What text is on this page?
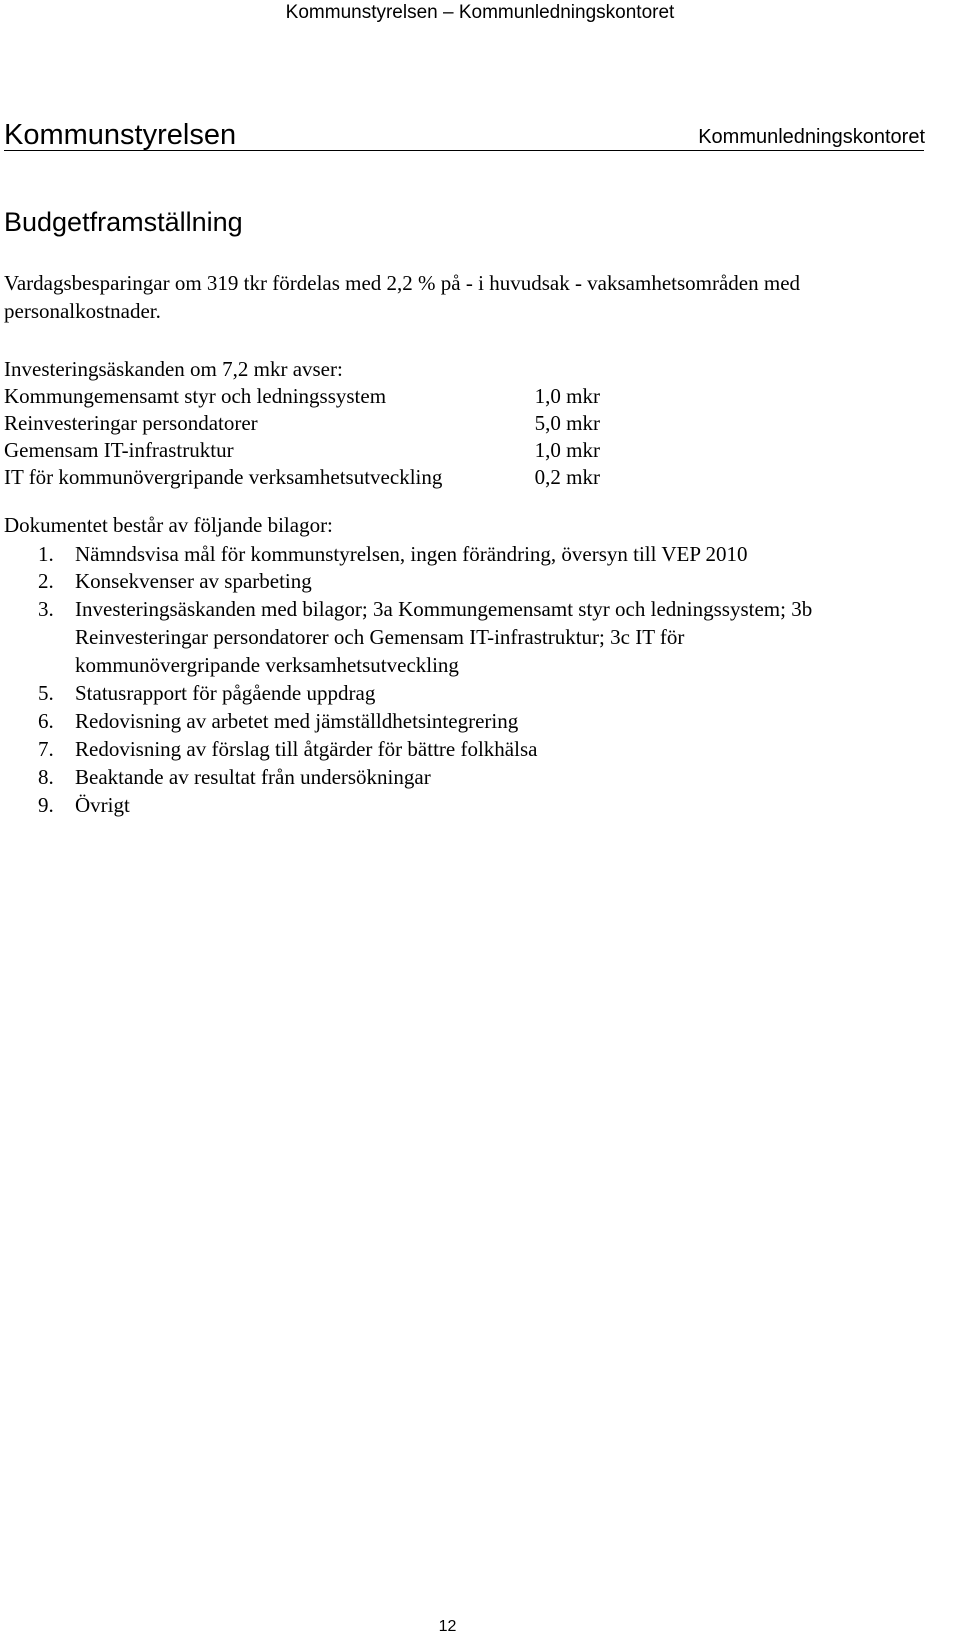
Kommunstyrelsen – Kommunledningskontoret
Kommunstyrelsen	Kommunledningskontoret
Budgetframställning
Vardagsbesparingar om 319 tkr fördelas med 2,2 % på - i huvudsak - vaksamhetsområden med
personalkostnader.
Investeringsäskanden om 7,2 mkr avser:
Kommungemensamt styr och ledningssystem	1,0 mkr
Reinvesteringar persondatorer	5,0 mkr
Gemensam IT-infrastruktur	1,0 mkr
IT för kommunövergripande verksamhetsutveckling	0,2 mkr
Dokumentet består av följande bilagor:
1.	Nämndsvisa mål för kommunstyrelsen, ingen förändring, översyn till VEP 2010
2.	Konsekvenser av sparbeting
3.	Investeringsäskanden med bilagor; 3a Kommungemensamt styr och ledningssystem; 3b
Reinvesteringar persondatorer och Gemensam IT-infrastruktur; 3c IT för
kommunövergripande verksamhetsutveckling
5.	Statusrapport för pågående uppdrag
6.	Redovisning av arbetet med jämställdhetsintegrering
7.	Redovisning av förslag till åtgärder för bättre folkhälsa
8.	Beaktande av resultat från undersökningar
9.	Övrigt
12
